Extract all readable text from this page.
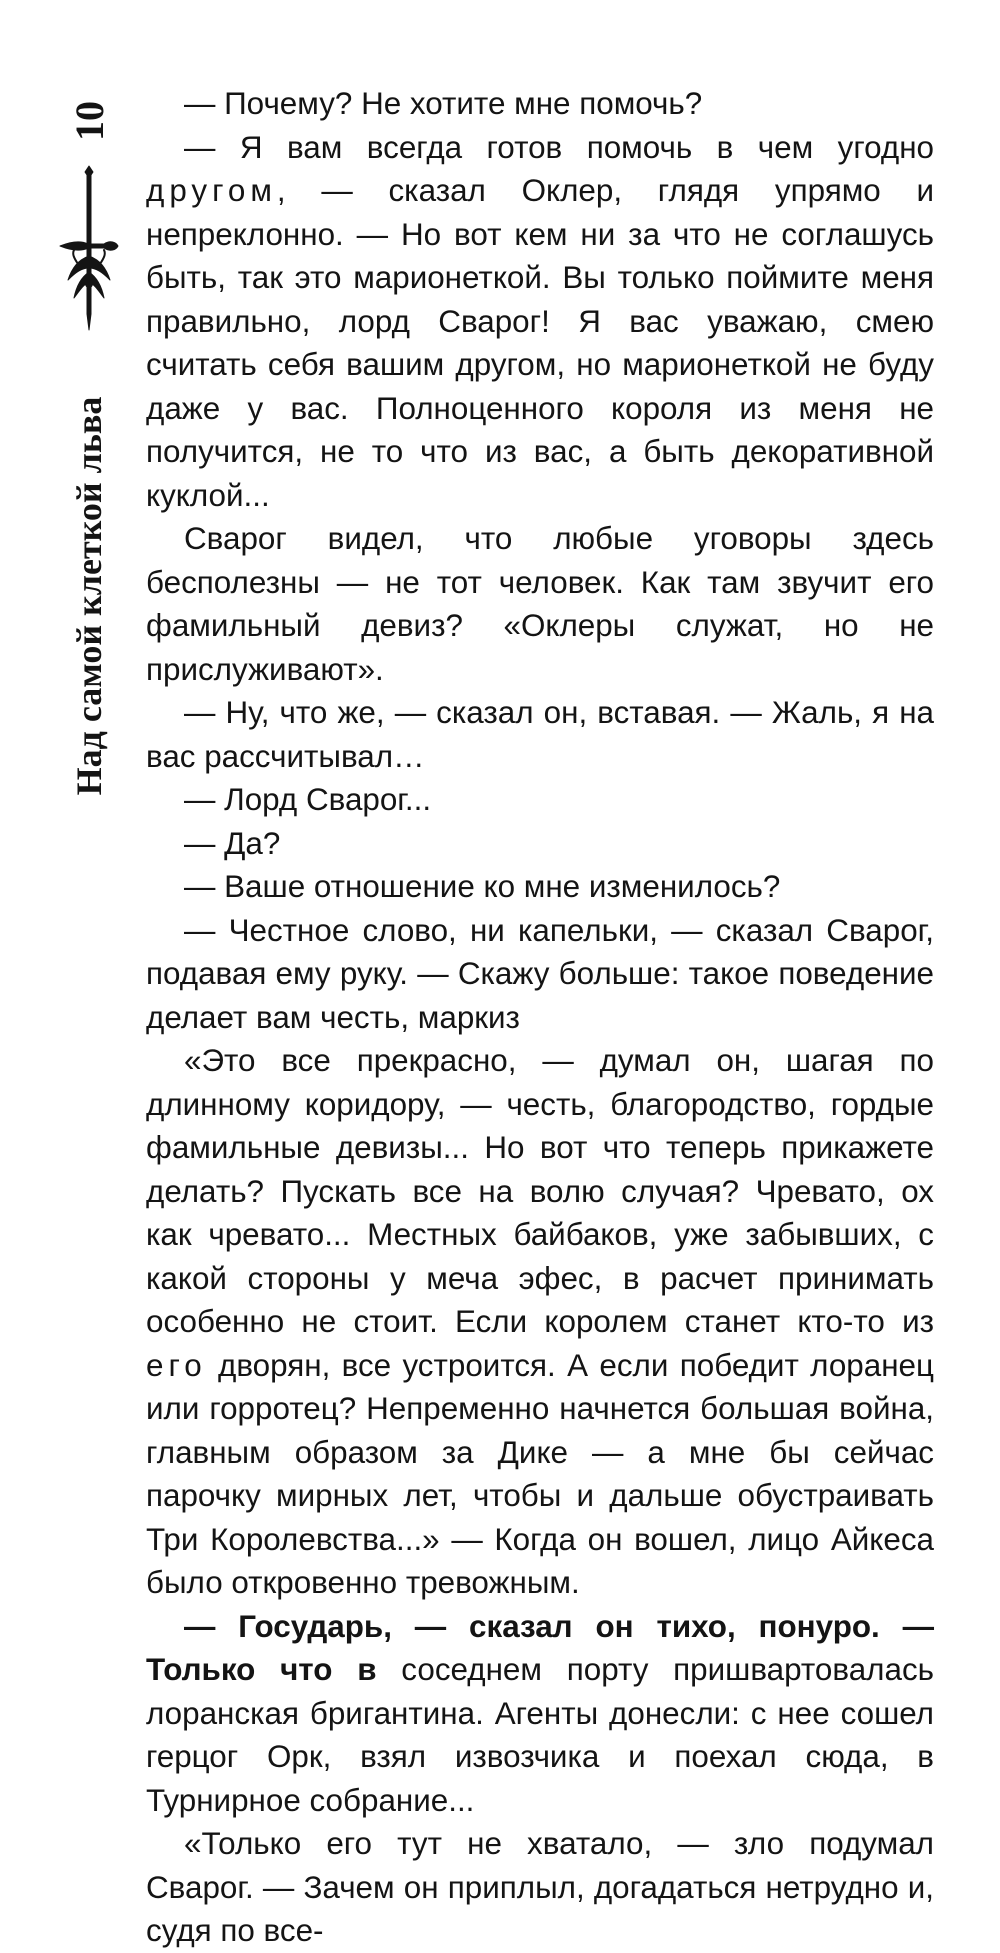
10
Над самой клеткой льва

— Почему? Не хотите мне помочь?

— Я вам всегда готов помочь в чем угодно другом, — сказал Оклер, глядя упрямо и непреклонно. — Но вот кем ни за что не соглашусь быть, так это марионеткой. Вы только поймите меня правильно, лорд Сварог! Я вас уважаю, смею считать себя вашим другом, но марионеткой не буду даже у вас. Полноценного короля из меня не получится, не то что из вас, а быть декоративной куклой...

Сварог видел, что любые уговоры здесь бесполезны — не тот человек. Как там звучит его фамильный девиз? «Оклеры служат, но не прислуживают».

— Ну, что же, — сказал он, вставая. — Жаль, я на вас рассчитывал…

— Лорд Сварог...

— Да?

— Ваше отношение ко мне изменилось?

— Честное слово, ни капельки, — сказал Сварог, подавая ему руку. — Скажу больше: такое поведение делает вам честь, маркиз

«Это все прекрасно, — думал он, шагая по длинному коридору, — честь, благородство, гордые фамильные девизы... Но вот что теперь прикажете делать? Пускать все на волю случая? Чревато, ох как чревато... Местных байбаков, уже забывших, с какой стороны у меча эфес, в расчет принимать особенно не стоит. Если королем станет кто-то из его дворян, все устроится. А если победит лоранец или горротец? Непременно начнется большая война, главным образом за Дике — а мне бы сейчас парочку мирных лет, чтобы и дальше обустраивать Три Королевства...» — Когда он вошел, лицо Айкеса было откровенно тревожным.

— Государь, — сказал он тихо, понуро. — Только что в соседнем порту пришвартовалась лоранская бригантина. Агенты донесли: с нее сошел герцог Орк, взял извозчика и поехал сюда, в Турнирное собрание...

«Только его тут не хватало, — зло подумал Сварог. — Зачем он приплыл, догадаться нетрудно и, судя по все-
